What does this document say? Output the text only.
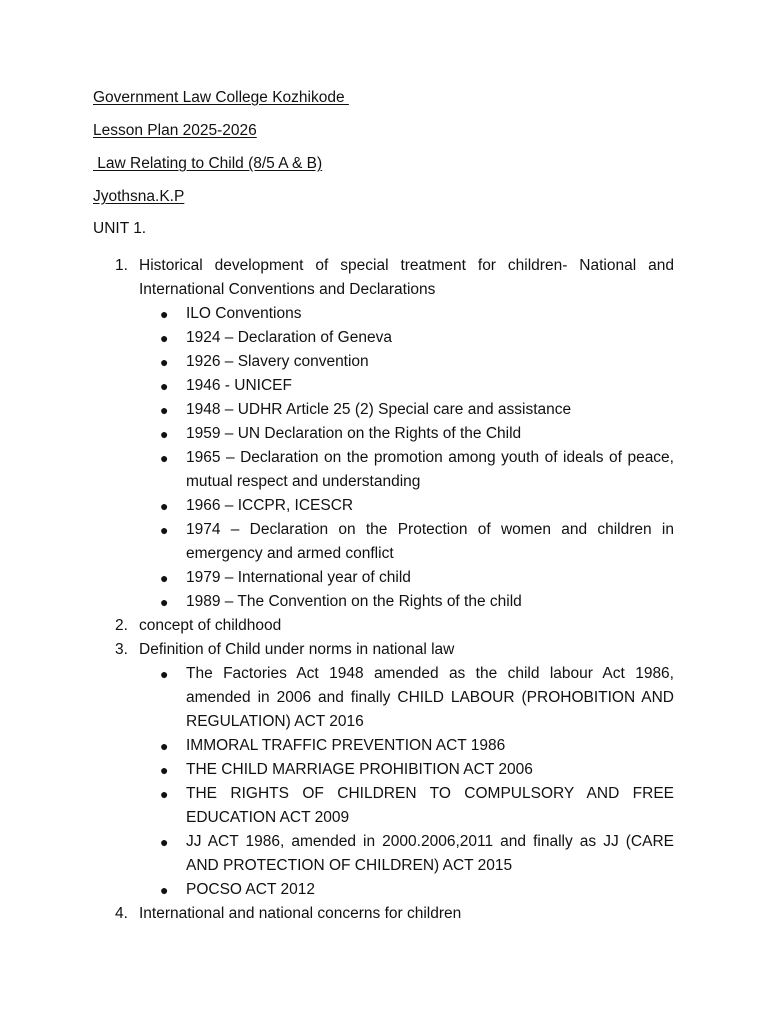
Government Law College Kozhikode
Lesson Plan 2025-2026
Law Relating to Child (8/5 A & B)
Jyothsna.K.P
UNIT 1.
1. Historical development of special treatment for children- National and International Conventions and Declarations
● ILO Conventions
● 1924 – Declaration of Geneva
● 1926 – Slavery convention
● 1946 - UNICEF
● 1948 – UDHR Article 25 (2) Special care and assistance
● 1959 – UN Declaration on the Rights of the Child
● 1965 – Declaration on the promotion among youth of ideals of peace, mutual respect and understanding
● 1966 – ICCPR, ICESCR
● 1974 – Declaration on the Protection of women and children in emergency and armed conflict
● 1979 – International year of child
● 1989 – The Convention on the Rights of the child
2. concept of childhood
3. Definition of Child under norms in national law
● The Factories Act 1948 amended as the child labour Act 1986, amended in 2006 and finally CHILD LABOUR (PROHOBITION AND REGULATION) ACT 2016
● IMMORAL TRAFFIC PREVENTION ACT 1986
● THE CHILD MARRIAGE PROHIBITION ACT 2006
● THE RIGHTS OF CHILDREN TO COMPULSORY AND FREE EDUCATION ACT 2009
● JJ ACT 1986, amended in 2000.2006,2011 and finally as JJ (CARE AND PROTECTION OF CHILDREN) ACT 2015
● POCSO ACT 2012
4. International and national concerns for children
